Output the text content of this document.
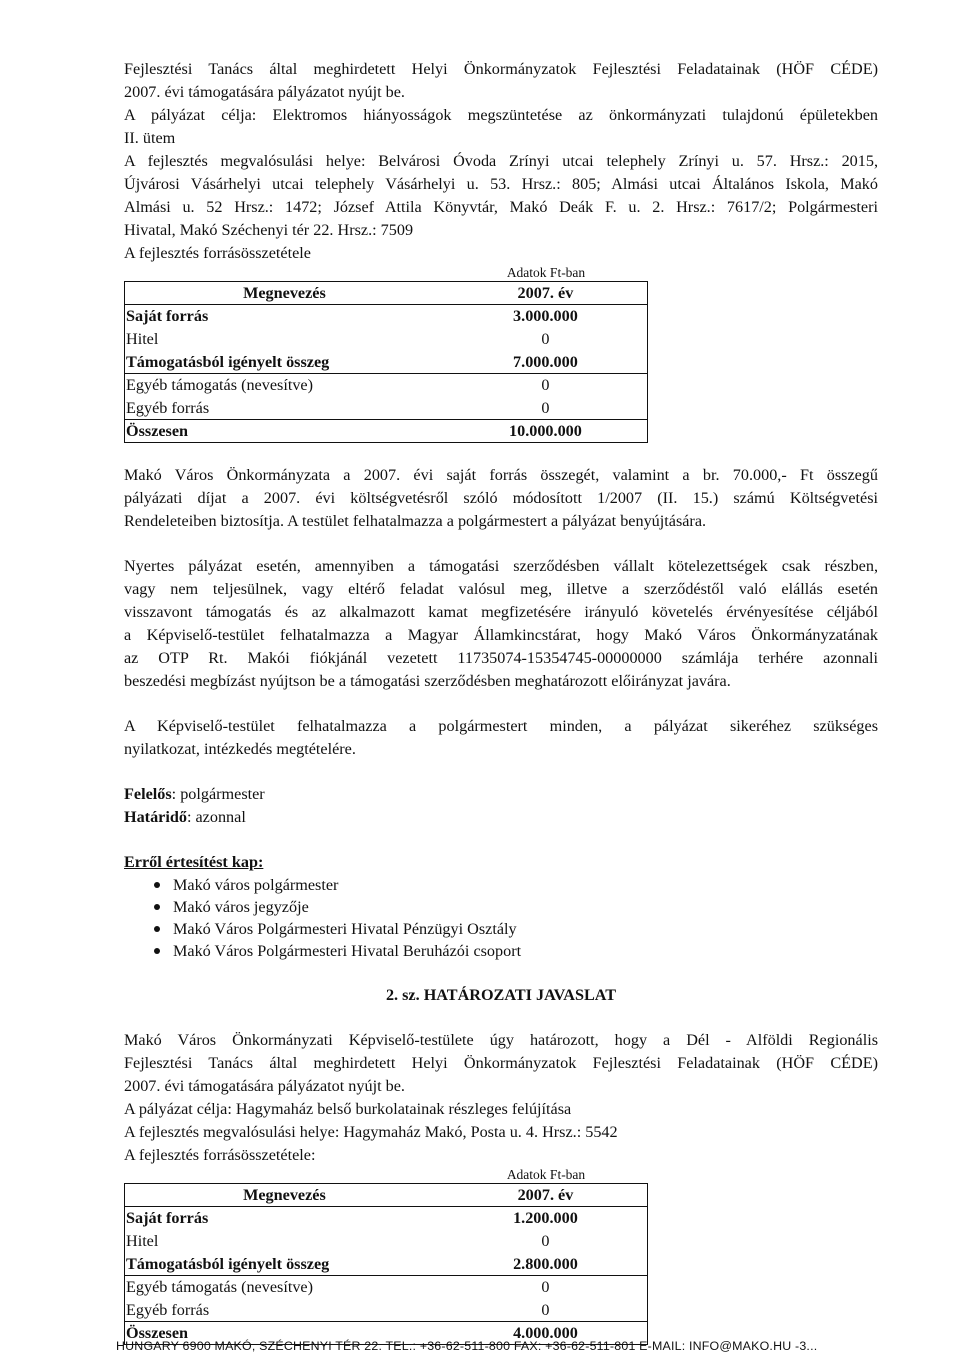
Fejlesztési Tanács által meghirdetett Helyi Önkormányzatok Fejlesztési Feladatainak (HÖF CÉDE)

2007. évi támogatására pályázatot nyújt be.

A pályázat célja: Elektromos hiányosságok megszüntetése az önkormányzati tulajdonú épületekben

II. ütem

A fejlesztés megvalósulási helye: Belvárosi Óvoda Zrínyi utcai telephely Zrínyi u. 57. Hrsz.: 2015,

Újvárosi Vásárhelyi utcai telephely Vásárhelyi u. 53. Hrsz.: 805; Almási utcai Általános Iskola, Makó

Almási u. 52 Hrsz.: 1472; József Attila Könyvtár, Makó Deák F. u. 2. Hrsz.: 7617/2; Polgármesteri

Hivatal, Makó Széchenyi tér 22. Hrsz.: 7509

A fejlesztés forrásösszetétele

Adatok Ft-ban
Megnevezés	2007. év
Saját forrás	3.000.000
Hitel	0
Támogatásból igényelt összeg	7.000.000
Egyéb támogatás (nevesítve)	0
Egyéb forrás	0
Összesen	10.000.000

Makó Város Önkormányzata a 2007. évi saját forrás összegét, valamint a br. 70.000,- Ft összegű

pályázati díjat a 2007. évi költségvetésről szóló módosított 1/2007 (II. 15.) számú Költségvetési

Rendeleteiben biztosítja. A testület felhatalmazza a polgármestert a pályázat benyújtására.

Nyertes pályázat esetén, amennyiben a támogatási szerződésben vállalt kötelezettségek csak részben,

vagy nem teljesülnek, vagy eltérő feladat valósul meg, illetve a szerződéstől való elállás esetén

visszavont támogatás és az alkalmazott kamat megfizetésére irányuló követelés érvényesítése céljából

a Képviselő-testület felhatalmazza a Magyar Államkincstárat, hogy Makó Város Önkormányzatának

az OTP Rt. Makói fiókjánál vezetett 11735074-15354745-00000000 számlája terhére azonnali

beszedési megbízást nyújtson be a támogatási szerződésben meghatározott előirányzat javára.

A Képviselő-testület felhatalmazza a polgármestert minden, a pályázat sikeréhez szükséges

nyilatkozat, intézkedés megtételére.

Felelős: polgármester

Határidő: azonnal

Erről értesítést kap:

Makó város polgármester
Makó város jegyzője
Makó Város Polgármesteri Hivatal Pénzügyi Osztály
Makó Város Polgármesteri Hivatal Beruházói csoport

2. sz. HATÁROZATI JAVASLAT

Makó Város Önkormányzati Képviselő-testülete úgy határozott, hogy a Dél - Alföldi Regionális

Fejlesztési Tanács által meghirdetett Helyi Önkormányzatok Fejlesztési Feladatainak (HÖF CÉDE)

2007. évi támogatására pályázatot nyújt be.

A pályázat célja: Hagymaház belső burkolatainak részleges felújítása

A fejlesztés megvalósulási helye: Hagymaház Makó, Posta u. 4. Hrsz.: 5542

A fejlesztés forrásösszetétele:

Adatok Ft-ban
Megnevezés	2007. év
Saját forrás	1.200.000
Hitel	0
Támogatásból igényelt összeg	2.800.000
Egyéb támogatás (nevesítve)	0
Egyéb forrás	0
Összesen	4.000.000
HUNGARY 6900 MAKÓ, SZÉCHENYI TÉR 22. TEL.: +36-62-511-800 FAX: +36-62-511-801 E-MAIL: INFO@MAKO.HU -3...
